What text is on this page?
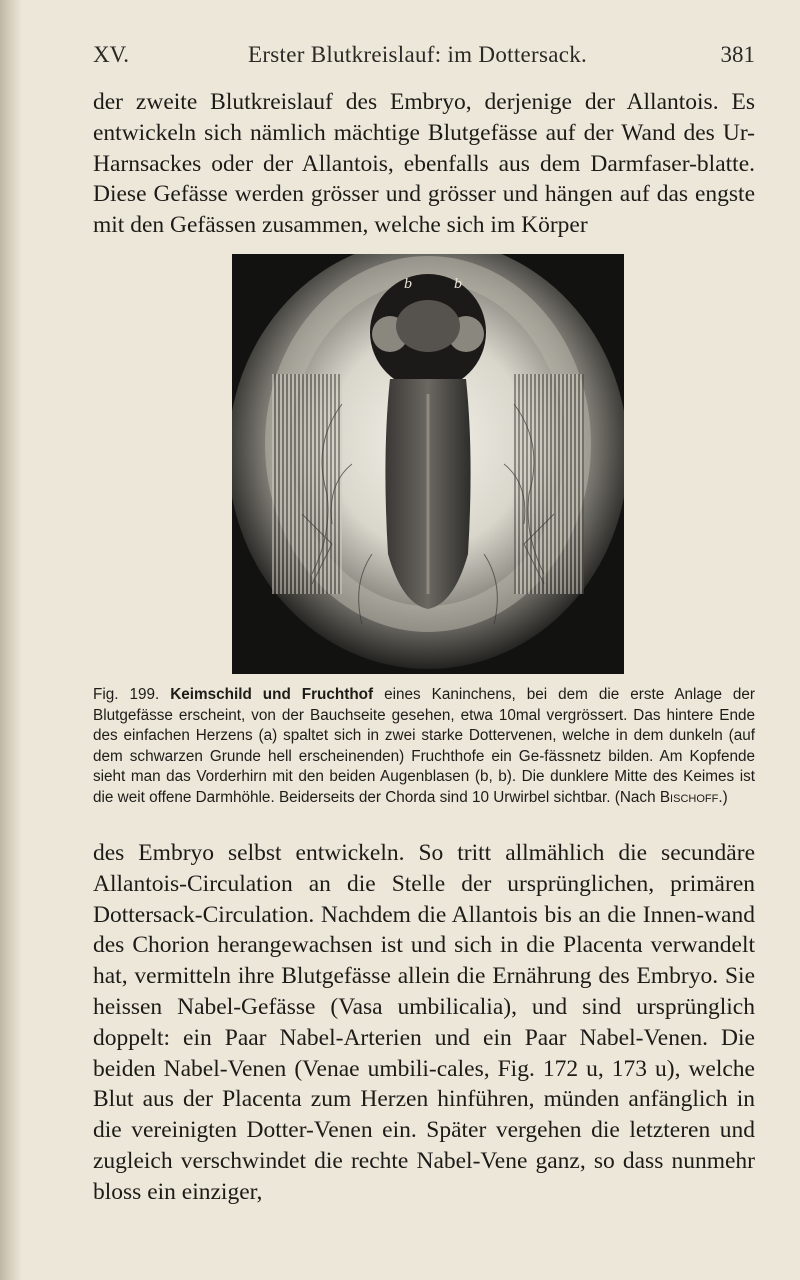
XV.	Erster Blutkreislauf: im Dottersack.	381

der zweite Blutkreislauf des Embryo, derjenige der Allantois. Es entwickeln sich nämlich mächtige Blutgefässe auf der Wand des Ur-Harnsackes oder der Allantois, ebenfalls aus dem Darmfaser-blatte. Diese Gefässe werden grösser und grösser und hängen auf das engste mit den Gefässen zusammen, welche sich im Körper

b	b

Fig. 199. Keimschild und Fruchthof eines Kaninchens, bei dem die erste Anlage der Blutgefässe erscheint, von der Bauchseite gesehen, etwa 10mal vergrössert. Das hintere Ende des einfachen Herzens (a) spaltet sich in zwei starke Dottervenen, welche in dem dunkeln (auf dem schwarzen Grunde hell erscheinenden) Fruchthofe ein Ge-fässnetz bilden. Am Kopfende sieht man das Vorderhirn mit den beiden Augenblasen (b, b). Die dunklere Mitte des Keimes ist die weit offene Darmhöhle. Beiderseits der Chorda sind 10 Urwirbel sichtbar. (Nach Bischoff.)

des Embryo selbst entwickeln. So tritt allmählich die secundäre Allantois-Circulation an die Stelle der ursprünglichen, primären Dottersack-Circulation. Nachdem die Allantois bis an die Innen-wand des Chorion herangewachsen ist und sich in die Placenta verwandelt hat, vermitteln ihre Blutgefässe allein die Ernährung des Embryo. Sie heissen Nabel-Gefässe (Vasa umbilicalia), und sind ursprünglich doppelt: ein Paar Nabel-Arterien und ein Paar Nabel-Venen. Die beiden Nabel-Venen (Venae umbili-cales, Fig. 172 u, 173 u), welche Blut aus der Placenta zum Herzen hinführen, münden anfänglich in die vereinigten Dotter-Venen ein. Später vergehen die letzteren und zugleich verschwindet die rechte Nabel-Vene ganz, so dass nunmehr bloss ein einziger,
